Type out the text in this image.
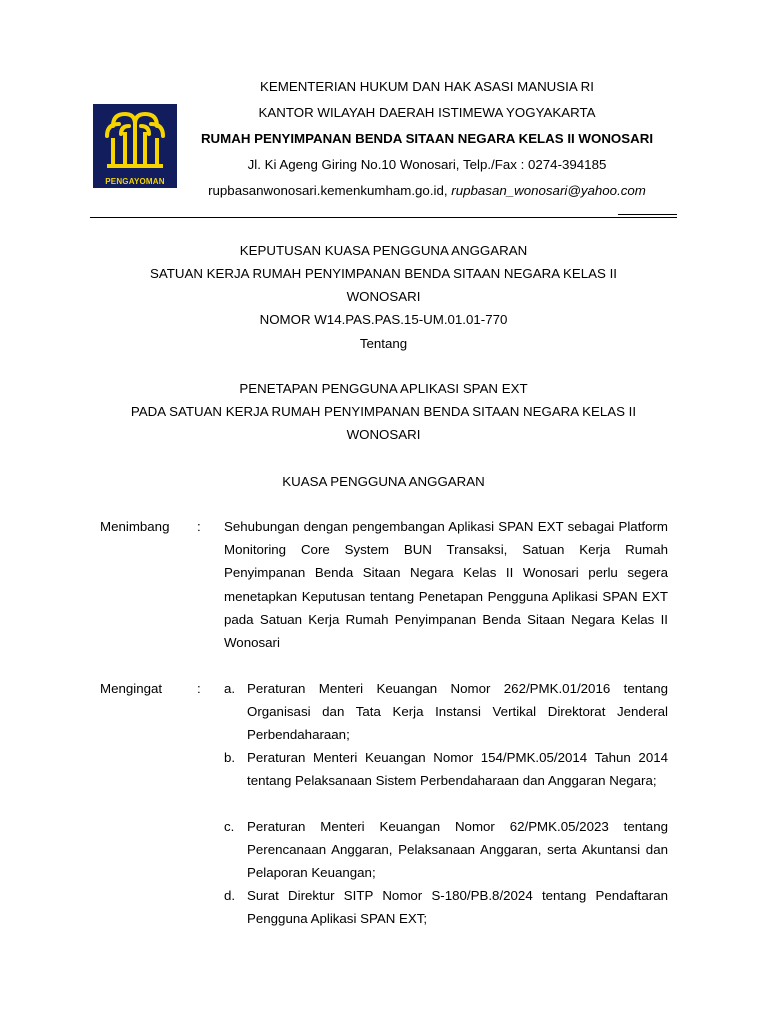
PENGAYOMAN
KEMENTERIAN HUKUM DAN HAK ASASI MANUSIA RI
KANTOR WILAYAH DAERAH ISTIMEWA YOGYAKARTA
RUMAH PENYIMPANAN BENDA SITAAN NEGARA KELAS II WONOSARI
Jl. Ki Ageng Giring No.10 Wonosari, Telp./Fax : 0274-394185
rupbasanwonosari.kemenkumham.go.id, rupbasan_wonosari@yahoo.com
KEPUTUSAN KUASA PENGGUNA ANGGARAN
SATUAN KERJA RUMAH PENYIMPANAN BENDA SITAAN NEGARA KELAS II
WONOSARI
NOMOR W14.PAS.PAS.15-UM.01.01-770
Tentang
PENETAPAN PENGGUNA APLIKASI SPAN EXT
PADA SATUAN KERJA RUMAH PENYIMPANAN BENDA SITAAN NEGARA KELAS II
WONOSARI
KUASA PENGGUNA ANGGARAN
Menimbang : Sehubungan dengan pengembangan Aplikasi SPAN EXT sebagai Platform Monitoring Core System BUN Transaksi, Satuan Kerja Rumah Penyimpanan Benda Sitaan Negara Kelas II Wonosari perlu segera menetapkan Keputusan tentang Penetapan Pengguna Aplikasi SPAN EXT pada Satuan Kerja Rumah Penyimpanan Benda Sitaan Negara Kelas II Wonosari
Mengingat	: a. Peraturan Menteri Keuangan Nomor 262/PMK.01/2016 tentang Organisasi dan Tata Kerja Instansi Vertikal Direktorat Jenderal Perbendaharaan;
b. Peraturan Menteri Keuangan Nomor 154/PMK.05/2014 Tahun 2014 tentang Pelaksanaan Sistem Perbendaharaan dan Anggaran Negara;
c. Peraturan Menteri Keuangan Nomor 62/PMK.05/2023 tentang Perencanaan Anggaran, Pelaksanaan Anggaran, serta Akuntansi dan Pelaporan Keuangan;
d. Surat Direktur SITP Nomor S-180/PB.8/2024 tentang Pendaftaran Pengguna Aplikasi SPAN EXT;
